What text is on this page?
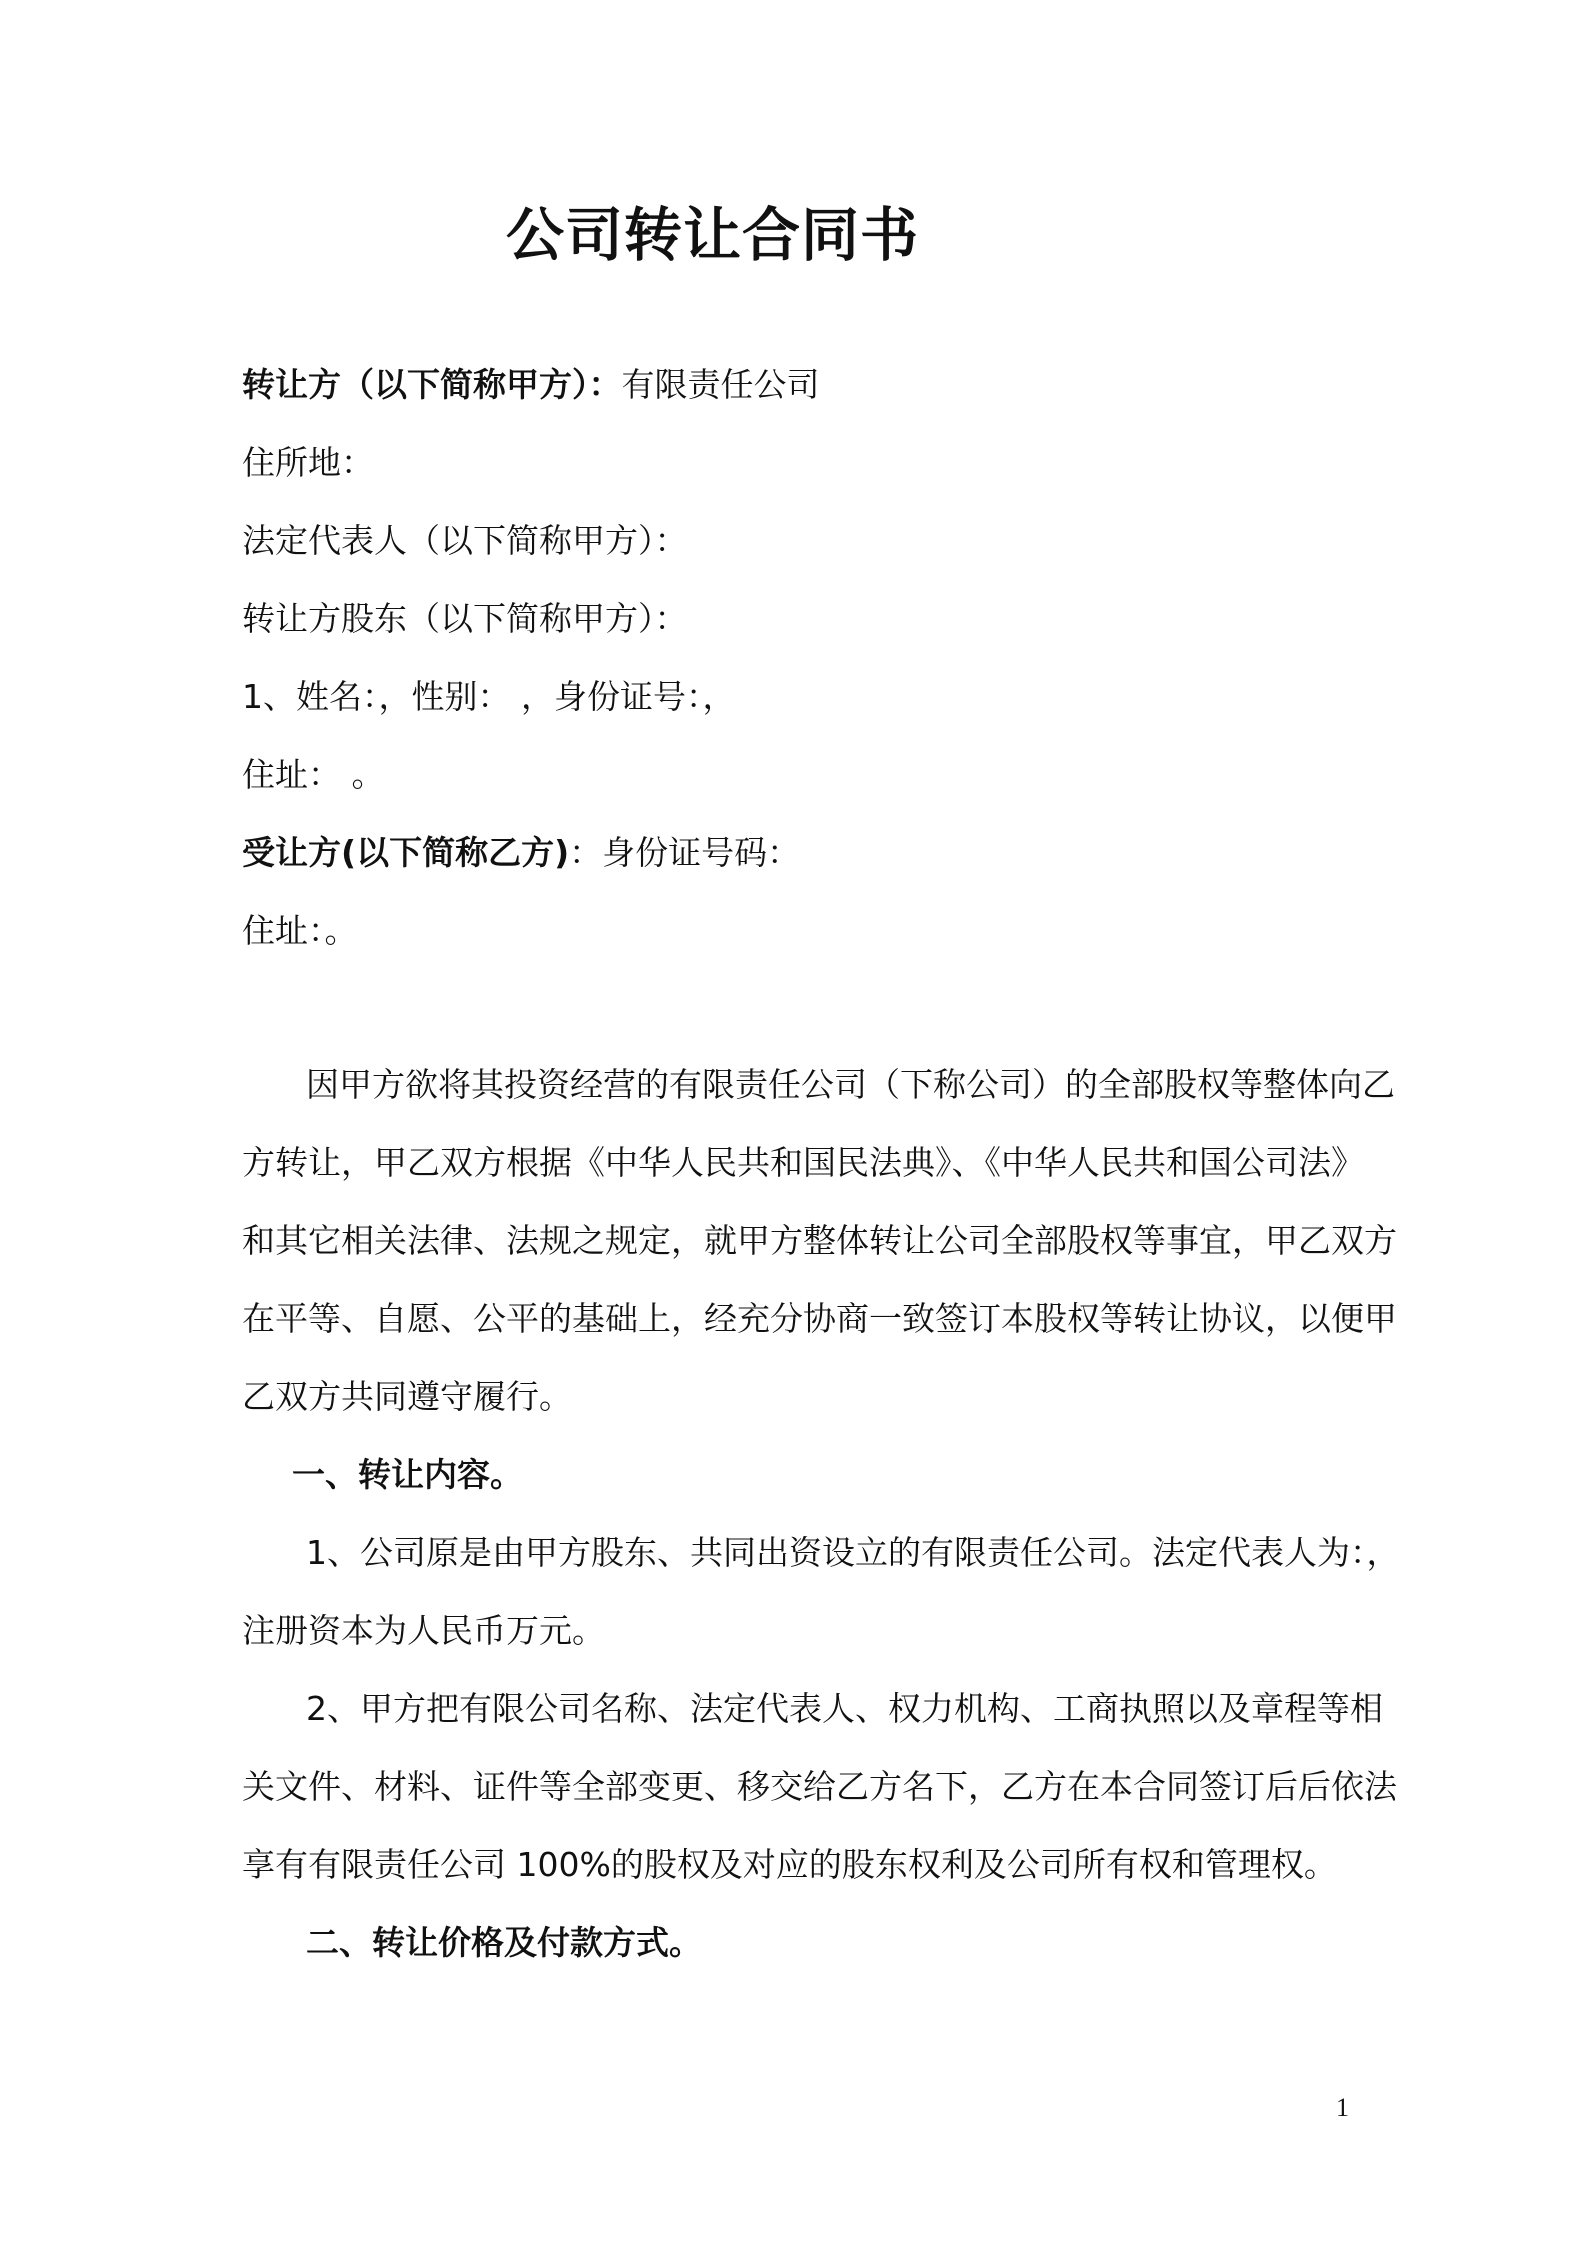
公司转让合同书
转让方（以下简称甲方）：有限责任公司
住所地：
法定代表人（以下简称甲方）：
转让方股东（以下简称甲方）：
1、姓名：，性别： ，身份证号：，
住址： 。
受让方(以下简称乙方)：身份证号码：
住址：。
因甲方欲将其投资经营的有限责任公司（下称公司）的全部股权等整体向乙
方转让，甲乙双方根据《中华人民共和国民法典》、《中华人民共和国公司法》
和其它相关法律、法规之规定，就甲方整体转让公司全部股权等事宜，甲乙双方
在平等、自愿、公平的基础上，经充分协商一致签订本股权等转让协议，以便甲
乙双方共同遵守履行。
一、转让内容。
1、公司原是由甲方股东、共同出资设立的有限责任公司。法定代表人为：，
注册资本为人民币万元。
2、甲方把有限公司名称、法定代表人、权力机构、工商执照以及章程等相
关文件、材料、证件等全部变更、移交给乙方名下，乙方在本合同签订后后依法
享有有限责任公司 100%的股权及对应的股东权利及公司所有权和管理权。
二、转让价格及付款方式。
1
